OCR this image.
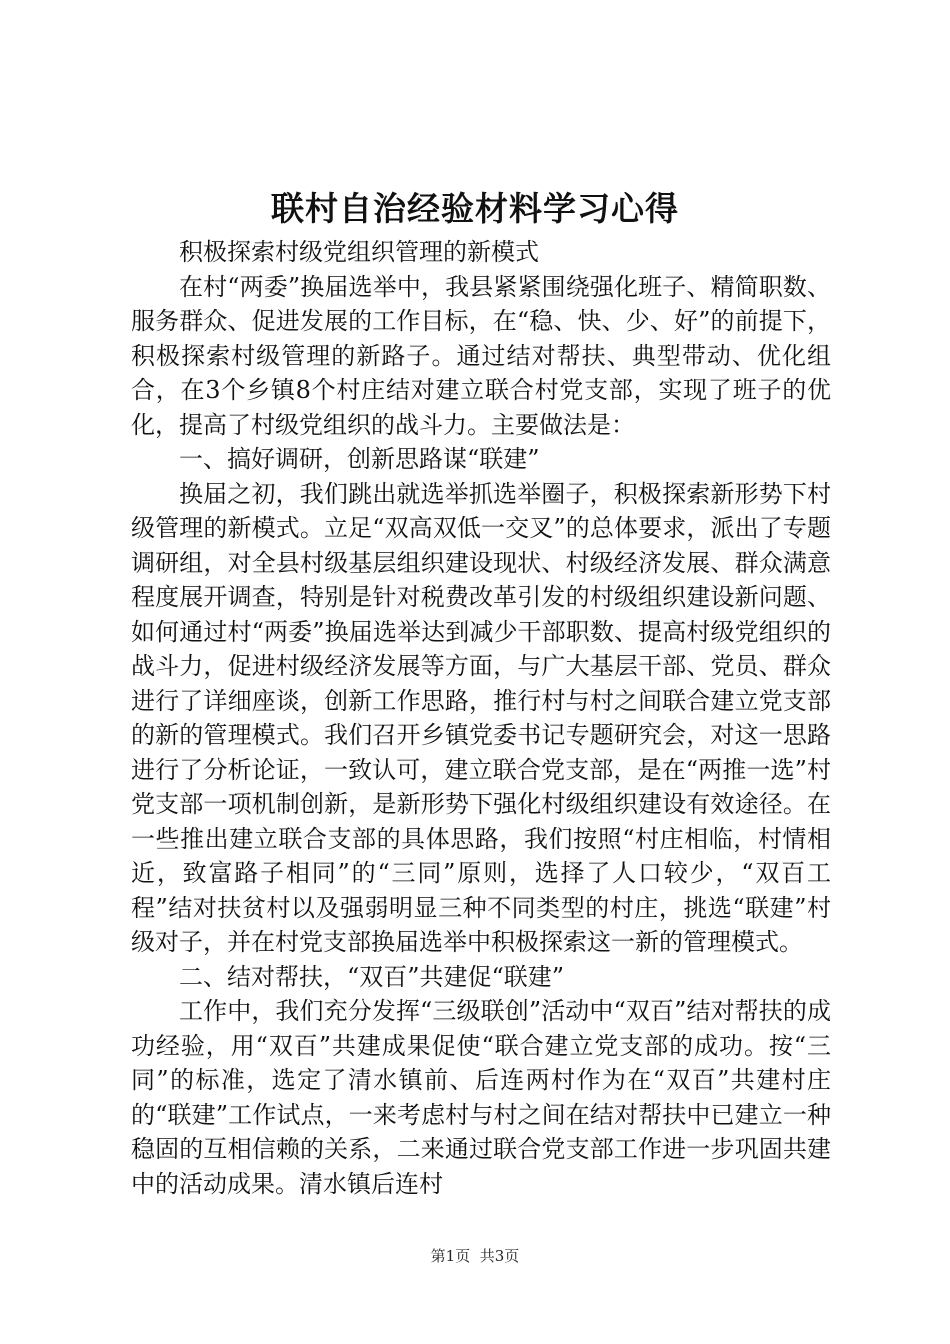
联村自治经验材料学习心得

积极探索村级党组织管理的新模式

在村“两委”换届选举中，我县紧紧围绕强化班子、精简职数、服务群众、促进发展的工作目标，在“稳、快、少、好”的前提下，积极探索村级管理的新路子。通过结对帮扶、典型带动、优化组合，在3个乡镇8个村庄结对建立联合村党支部，实现了班子的优化，提高了村级党组织的战斗力。主要做法是：

一、搞好调研，创新思路谋“联建”

换届之初，我们跳出就选举抓选举圈子，积极探索新形势下村级管理的新模式。立足“双高双低一交叉”的总体要求，派出了专题调研组，对全县村级基层组织建设现状、村级经济发展、群众满意程度展开调查，特别是针对税费改革引发的村级组织建设新问题、如何通过村“两委”换届选举达到减少干部职数、提高村级党组织的战斗力，促进村级经济发展等方面，与广大基层干部、党员、群众进行了详细座谈，创新工作思路，推行村与村之间联合建立党支部的新的管理模式。我们召开乡镇党委书记专题研究会，对这一思路进行了分析论证，一致认可，建立联合党支部，是在“两推一选”村党支部一项机制创新，是新形势下强化村级组织建设有效途径。在一些推出建立联合支部的具体思路，我们按照“村庄相临，村情相近，致富路子相同”的“三同”原则，选择了人口较少，“双百工程”结对扶贫村以及强弱明显三种不同类型的村庄，挑选“联建”村级对子，并在村党支部换届选举中积极探索这一新的管理模式。

二、结对帮扶，“双百”共建促“联建”

工作中，我们充分发挥“三级联创”活动中“双百”结对帮扶的成功经验，用“双百”共建成果促使“联合建立党支部的成功。按“三同”的标准，选定了清水镇前、后连两村作为在“双百”共建村庄的“联建”工作试点，一来考虑村与村之间在结对帮扶中已建立一种稳固的互相信赖的关系，二来通过联合党支部工作进一步巩固共建中的活动成果。清水镇后连村

第1页 共3页
